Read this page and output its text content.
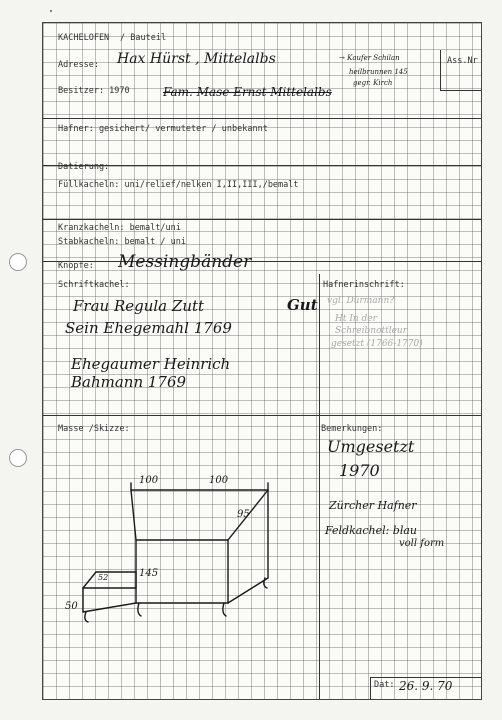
KACHELOFEN / Bauteil
Ass.Nr
Adresse: Hax Hürst , Mittelalbs	→ Kaufer Schilan
heilbrunnen 145
gegr. Kirch
Besitzer: 1970	Fam. Mase Ernst Mittelalbs
Hafner: gesichert/ vermuteter / unbekannt
Datierung:
Füllkacheln: uni/relief/nelken I,II,III,/bemalt
Kranzkacheln: bemalt/uni
Stabkacheln: bemalt / uni
Knöpfe: Messingbänder
Schriftkachel:	Hafnerinschrift:
Frau Regula Zutt
Sein Ehegemahl 1769
Ehegaumer Heinrich
Bahmann 1769
Gut vgl. Dürmann?
Ht In der
Schreibnottleur
gesetzt (1766-1770)
Masse /Skizze:	Bemerkungen:
Umgesetzt
1970
Zürcher Hafner
Feldkachel: blau
voll form
Dat: 26. 9. 70
100	100
95
145
52
50
